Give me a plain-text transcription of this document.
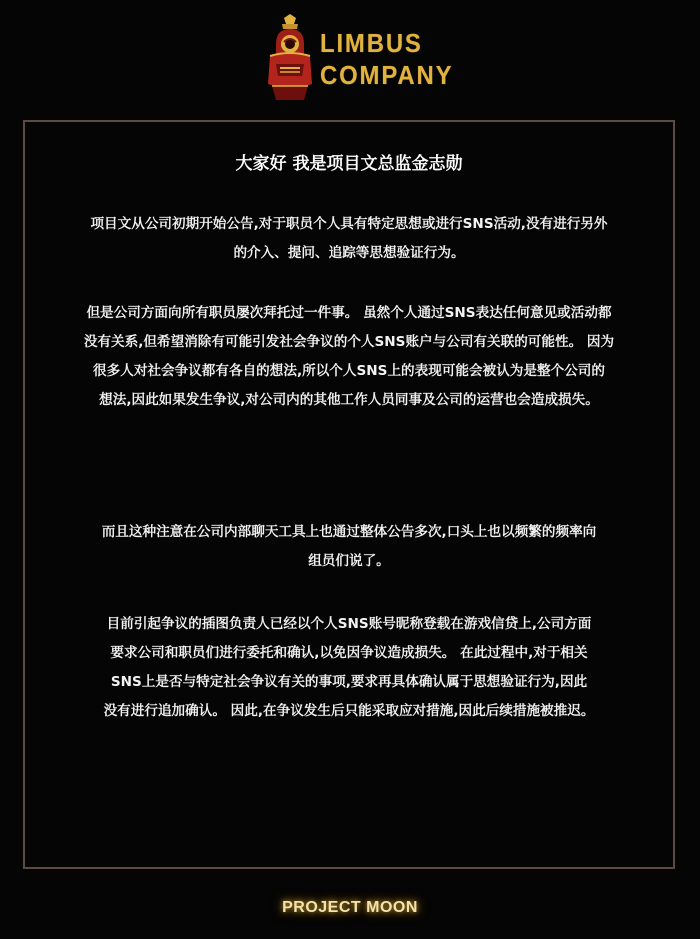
LIMBUS
COMPANY
大家好 我是项目文总监金志勋
项目文从公司初期开始公告,对于职员个人具有特定思想或进行SNS活动,没有进行另外
的介入、提问、追踪等思想验证行为。
但是公司方面向所有职员屡次拜托过一件事。 虽然个人通过SNS表达任何意见或活动都
没有关系,但希望消除有可能引发社会争议的个人SNS账户与公司有关联的可能性。 因为
很多人对社会争议都有各自的想法,所以个人SNS上的表现可能会被认为是整个公司的
想法,因此如果发生争议,对公司内的其他工作人员同事及公司的运营也会造成损失。
而且这种注意在公司内部聊天工具上也通过整体公告多次,口头上也以频繁的频率向
组员们说了。
目前引起争议的插图负责人已经以个人SNS账号昵称登载在游戏信贷上,公司方面
要求公司和职员们进行委托和确认,以免因争议造成损失。 在此过程中,对于相关
SNS上是否与特定社会争议有关的事项,要求再具体确认属于思想验证行为,因此
没有进行追加确认。 因此,在争议发生后只能采取应对措施,因此后续措施被推迟。
PROJECT MOON
